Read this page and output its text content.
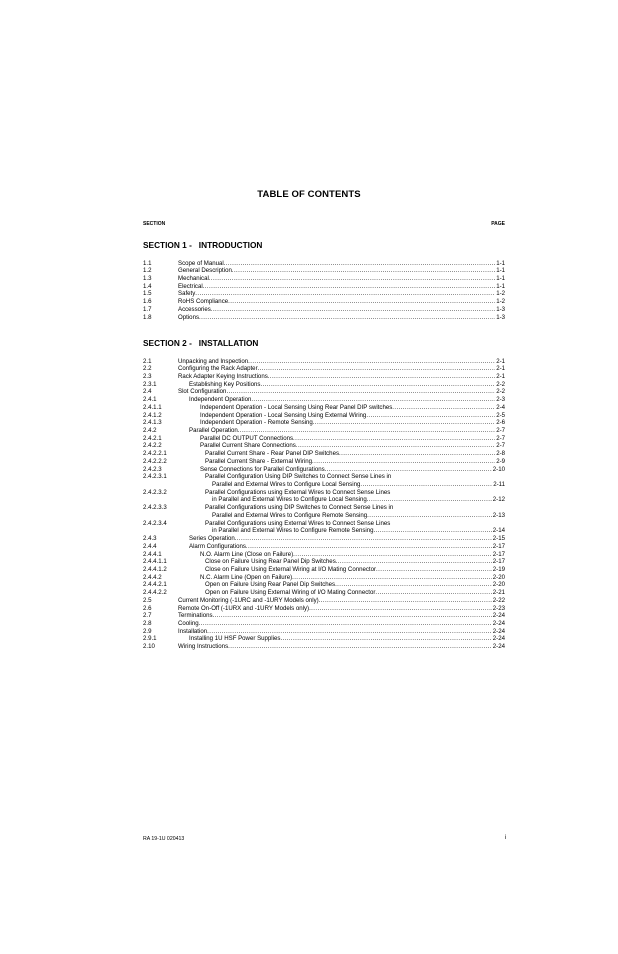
TABLE OF CONTENTS
SECTION	PAGE
SECTION 1 -   INTRODUCTION
1.1	Scope of Manual .....	1-1
1.2	General Description .....	1-1
1.3	Mechanical .....	1-1
1.4	Electrical .....	1-1
1.5	Safety .....	1-2
1.6	RoHS Compliance .....	1-2
1.7	Accessories .....	1-3
1.8	Options .....	1-3
SECTION 2 -   INSTALLATION
2.1	Unpacking and Inspection .....	2-1
2.2	Configuring the Rack Adapter .....	2-1
2.3	Rack Adapter Keying Instructions .....	2-1
2.3.1	Establishing Key Positions .....	2-2
2.4	Slot Configuration .....	2-2
2.4.1	Independent Operation .....	2-3
2.4.1.1	Independent Operation - Local Sensing Using Rear Panel DIP switches .....	2-4
2.4.1.2	Independent Operation - Local Sensing Using External Wiring .....	2-5
2.4.1.3	Independent Operation - Remote Sensing .....	2-6
2.4.2	Parallel Operation .....	2-7
2.4.2.1	Parallel DC OUTPUT Connections .....	2-7
2.4.2.2	Parallel Current Share Connections .....	2-7
2.4.2.2.1	Parallel Current Share - Rear Panel DIP Switches .....	2-8
2.4.2.2.2	Parallel Current Share - External Wiring .....	2-9
2.4.2.3	Sense Connections for Parallel Configurations .....	2-10
2.4.2.3.1	Parallel Configuration Using DIP Switches to Connect Sense Lines in
Parallel and External Wires to Configure Local Sensing .....	2-11
2.4.2.3.2	Parallel Configurations using External Wires to Connect Sense Lines
in Parallel and External Wires to Configure Local Sensing .....	2-12
2.4.2.3.3	Parallel Configurations using DIP Switches to Connect Sense Lines in
Parallel and External Wires to Configure Remote Sensing .....	2-13
2.4.2.3.4	Parallel Configurations using External Wires to Connect Sense Lines
in Parallel and External Wires to Configure Remote Sensing .....	2-14
2.4.3	Series Operation .....	2-15
2.4.4	Alarm Configurations .....	2-17
2.4.4.1	N.O. Alarm Line (Close on Failure) .....	2-17
2.4.4.1.1	Close on Failure Using Rear Panel Dip Switches .....	2-17
2.4.4.1.2	Close on Failure Using External Wiring at I/O Mating Connector .....	2-19
2.4.4.2	N.C. Alarm Line (Open on Failure) .....	2-20
2.4.4.2.1	Open on Failure Using Rear Panel Dip Switches .....	2-20
2.4.4.2.2	Open on Failure Using External Wiring of I/O Mating Connector .....	2-21
2.5	Current Monitoring (-1URC and -1URY Models only) .....	2-22
2.6	Remote On-Off (-1URX and -1URY Models only) .....	2-23
2.7	Terminations .....	2-24
2.8	Cooling .....	2-24
2.9	Installation .....	2-24
2.9.1	Installing 1U HSF Power Supplies .....	2-24
2.10	Wiring Instructions .....	2-24
RA 19-1U 020413	i
